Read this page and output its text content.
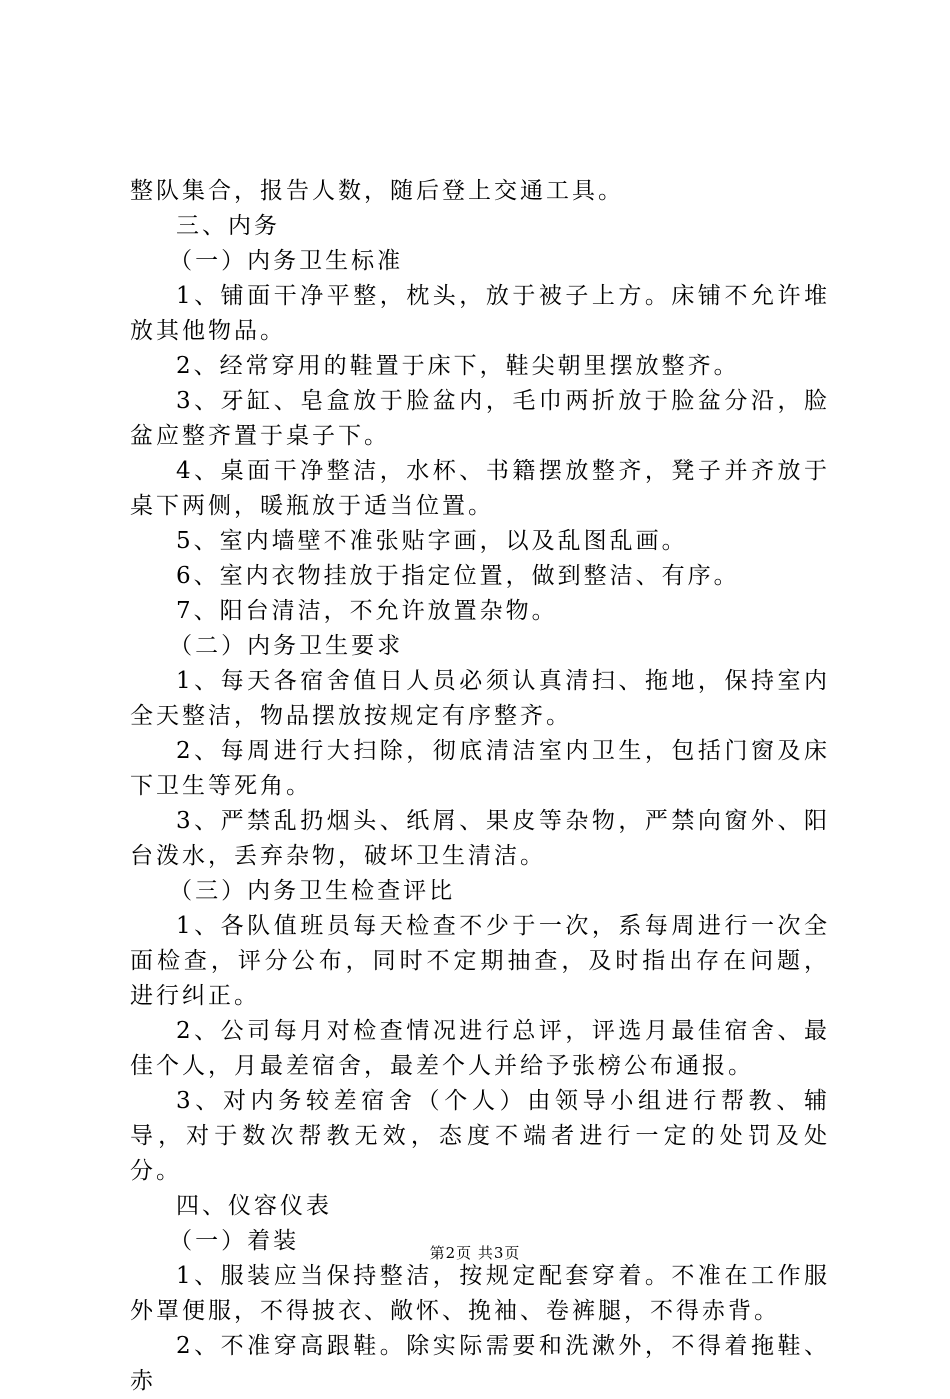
整队集合，报告人数，随后登上交通工具。

三、内务

（一）内务卫生标准

1、铺面干净平整，枕头，放于被子上方。床铺不允许堆放其他物品。

2、经常穿用的鞋置于床下，鞋尖朝里摆放整齐。

3、牙缸、皂盒放于脸盆内，毛巾两折放于脸盆分沿，脸盆应整齐置于桌子下。

4、桌面干净整洁，水杯、书籍摆放整齐，凳子并齐放于桌下两侧，暖瓶放于适当位置。

5、室内墙壁不准张贴字画，以及乱图乱画。

6、室内衣物挂放于指定位置，做到整洁、有序。

7、阳台清洁，不允许放置杂物。

（二）内务卫生要求

1、每天各宿舍值日人员必须认真清扫、拖地，保持室内全天整洁，物品摆放按规定有序整齐。

2、每周进行大扫除，彻底清洁室内卫生，包括门窗及床下卫生等死角。

3、严禁乱扔烟头、纸屑、果皮等杂物，严禁向窗外、阳台泼水，丢弃杂物，破坏卫生清洁。

（三）内务卫生检查评比

1、各队值班员每天检查不少于一次，系每周进行一次全面检查，评分公布，同时不定期抽查，及时指出存在问题，进行纠正。

2、公司每月对检查情况进行总评，评选月最佳宿舍、最佳个人，月最差宿舍，最差个人并给予张榜公布通报。

3、对内务较差宿舍（个人）由领导小组进行帮教、辅导，对于数次帮教无效，态度不端者进行一定的处罚及处分。

四、仪容仪表

（一）着装

1、服装应当保持整洁，按规定配套穿着。不准在工作服外罩便服，不得披衣、敞怀、挽袖、卷裤腿，不得赤背。

2、不准穿高跟鞋。除实际需要和洗漱外，不得着拖鞋、赤

第2页 共3页
